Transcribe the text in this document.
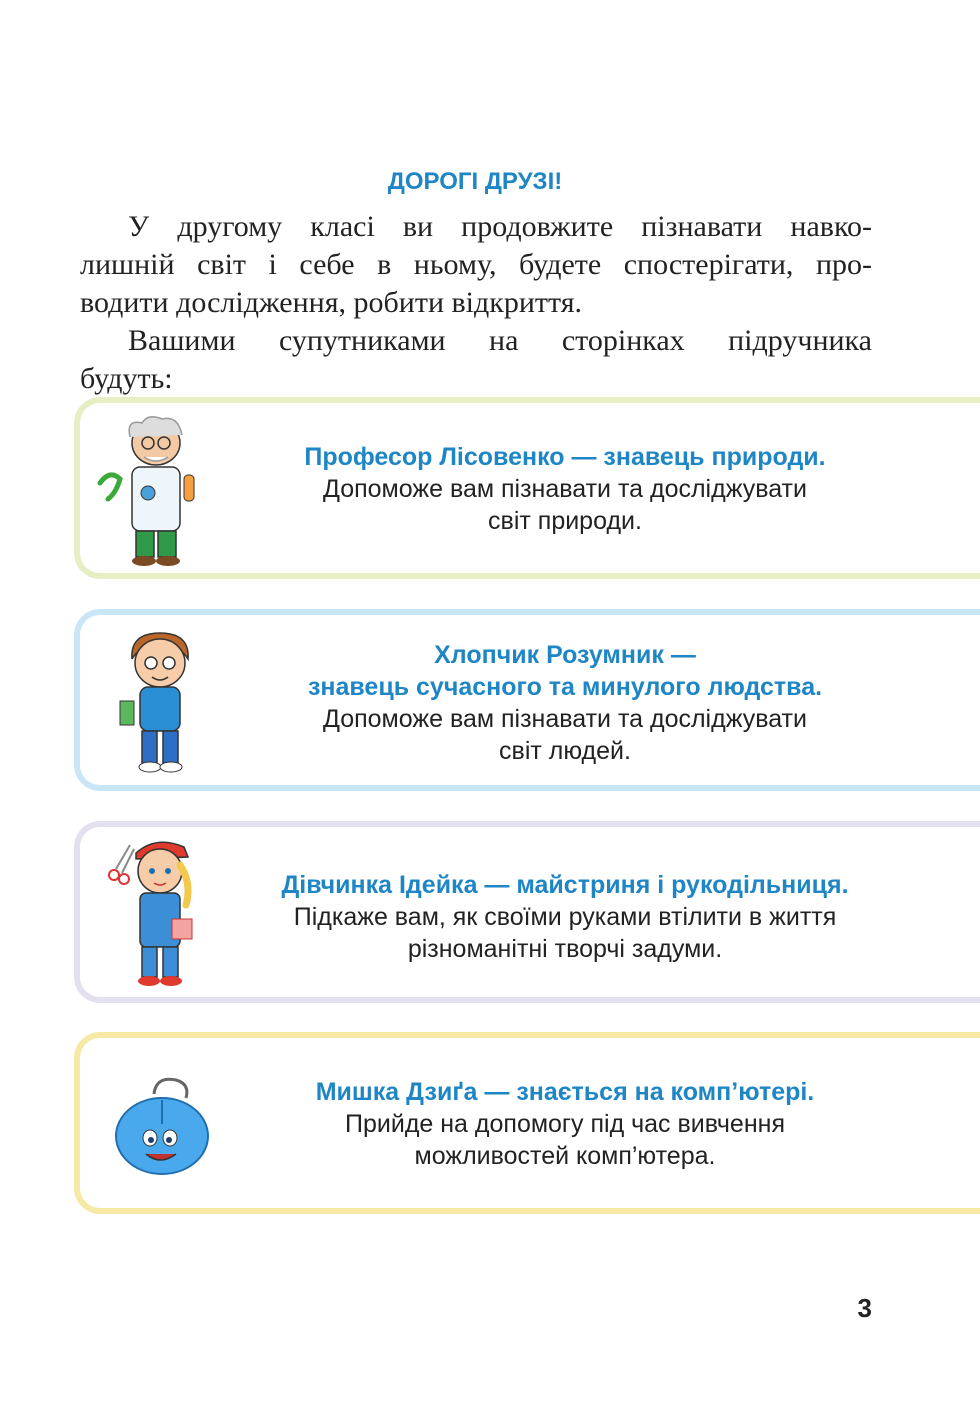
ДОРОГІ ДРУЗІ!
У другому класі ви продовжите пізнавати навко-
лишній світ і себе в ньому, будете спостерігати, про-
водити дослідження, робити відкриття.
Вашими супутниками на сторінках підручника
будуть:
Професор Лісовенко — знавець природи.
Допоможе вам пізнавати та досліджувати
світ природи.
Хлопчик Розумник —
знавець сучасного та минулого людства.
Допоможе вам пізнавати та досліджувати
світ людей.
Дівчинка Ідейка — майстриня і рукодільниця.
Підкаже вам, як своїми руками втілити в життя
різноманітні творчі задуми.
Мишка Дзиґа — знається на комп’ютері.
Прийде на допомогу під час вивчення
можливостей комп’ютера.
3
